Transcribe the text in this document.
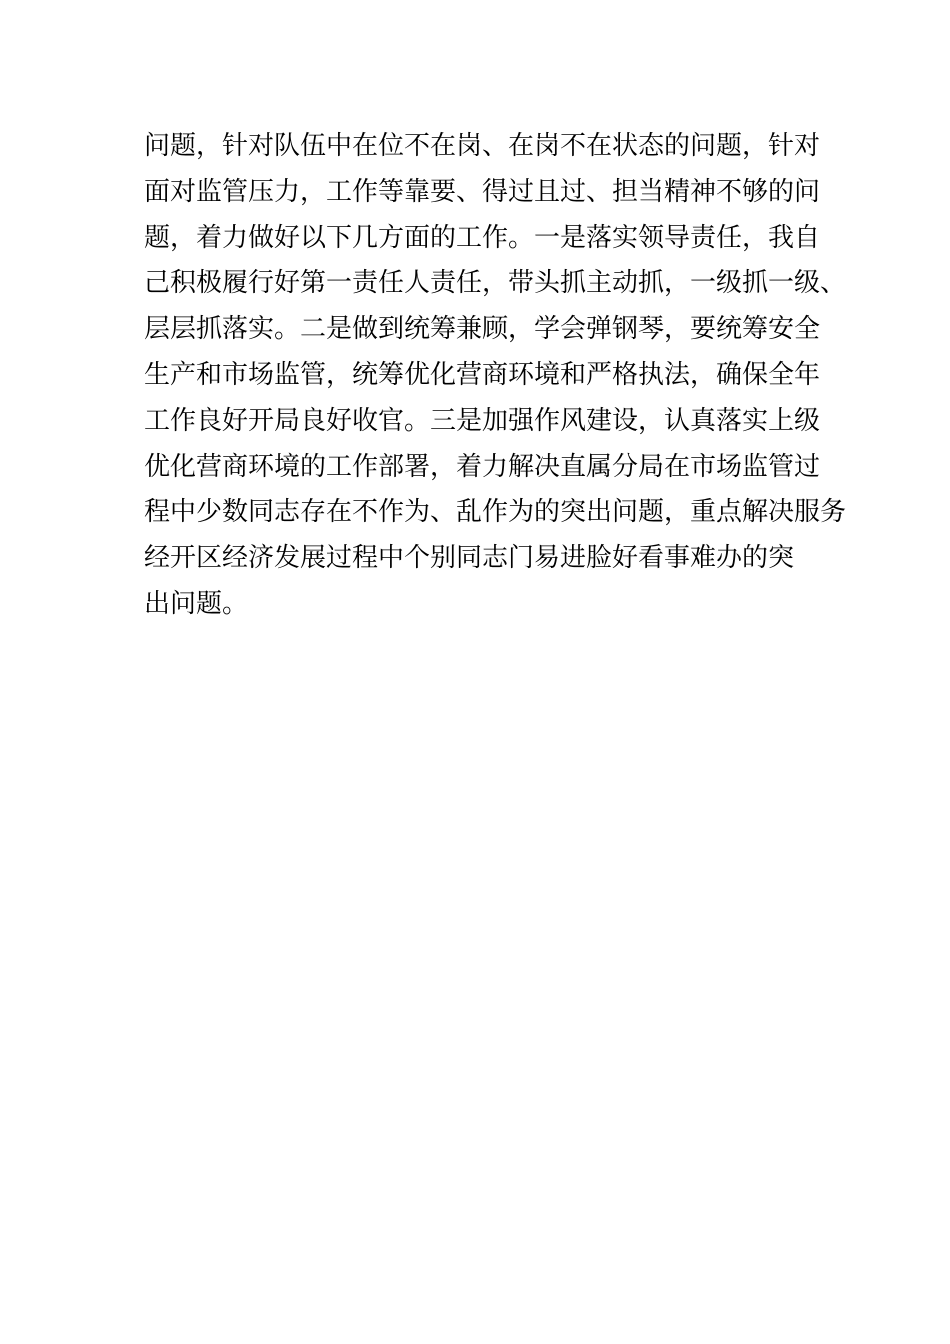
问题，针对队伍中在位不在岗、在岗不在状态的问题，针对
面对监管压力，工作等靠要、得过且过、担当精神不够的问
题，着力做好以下几方面的工作。一是落实领导责任，我自
己积极履行好第一责任人责任，带头抓主动抓，一级抓一级、
层层抓落实。二是做到统筹兼顾，学会弹钢琴，要统筹安全
生产和市场监管，统筹优化营商环境和严格执法，确保全年
工作良好开局良好收官。三是加强作风建设，认真落实上级
优化营商环境的工作部署，着力解决直属分局在市场监管过
程中少数同志存在不作为、乱作为的突出问题，重点解决服务
经开区经济发展过程中个别同志门易进脸好看事难办的突
出问题。
